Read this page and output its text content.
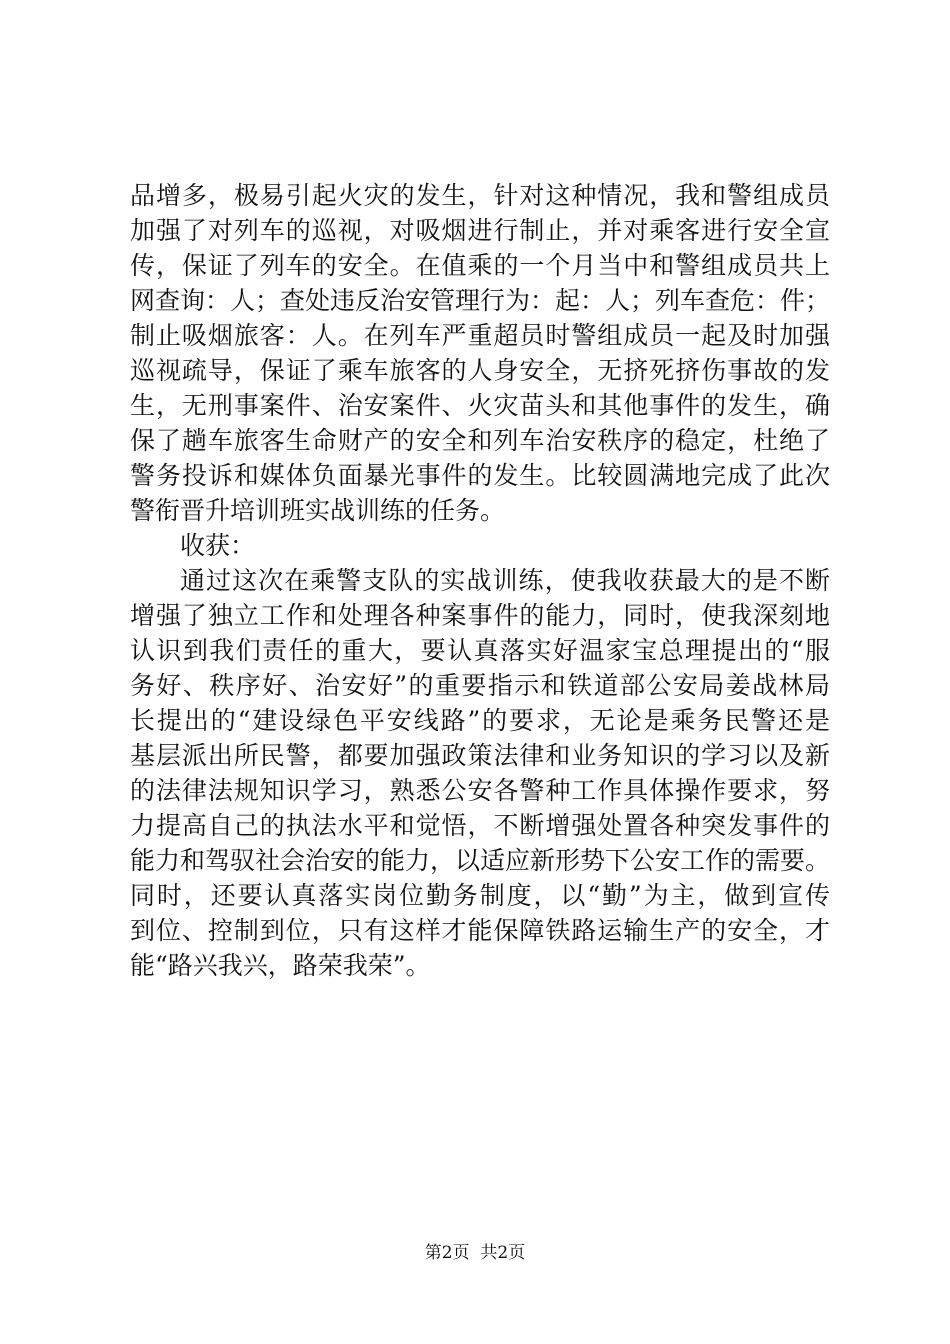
品增多，极易引起火灾的发生，针对这种情况，我和警组成员
加强了对列车的巡视，对吸烟进行制止，并对乘客进行安全宣
传，保证了列车的安全。在值乘的一个月当中和警组成员共上
网查询：人；查处违反治安管理行为：起：人；列车查危：件；
制止吸烟旅客：人。在列车严重超员时警组成员一起及时加强
巡视疏导，保证了乘车旅客的人身安全，无挤死挤伤事故的发
生，无刑事案件、治安案件、火灾苗头和其他事件的发生，确
保了趟车旅客生命财产的安全和列车治安秩序的稳定，杜绝了
警务投诉和媒体负面暴光事件的发生。比较圆满地完成了此次
警衔晋升培训班实战训练的任务。
收获：
通过这次在乘警支队的实战训练，使我收获最大的是不断
增强了独立工作和处理各种案事件的能力，同时，使我深刻地
认识到我们责任的重大，要认真落实好温家宝总理提出的“服
务好、秩序好、治安好”的重要指示和铁道部公安局姜战林局
长提出的“建设绿色平安线路”的要求，无论是乘务民警还是
基层派出所民警，都要加强政策法律和业务知识的学习以及新
的法律法规知识学习，熟悉公安各警种工作具体操作要求，努
力提高自己的执法水平和觉悟，不断增强处置各种突发事件的
能力和驾驭社会治安的能力，以适应新形势下公安工作的需要。
同时，还要认真落实岗位勤务制度，以“勤”为主，做到宣传
到位、控制到位，只有这样才能保障铁路运输生产的安全，才
能“路兴我兴，路荣我荣”。
第2页  共2页
